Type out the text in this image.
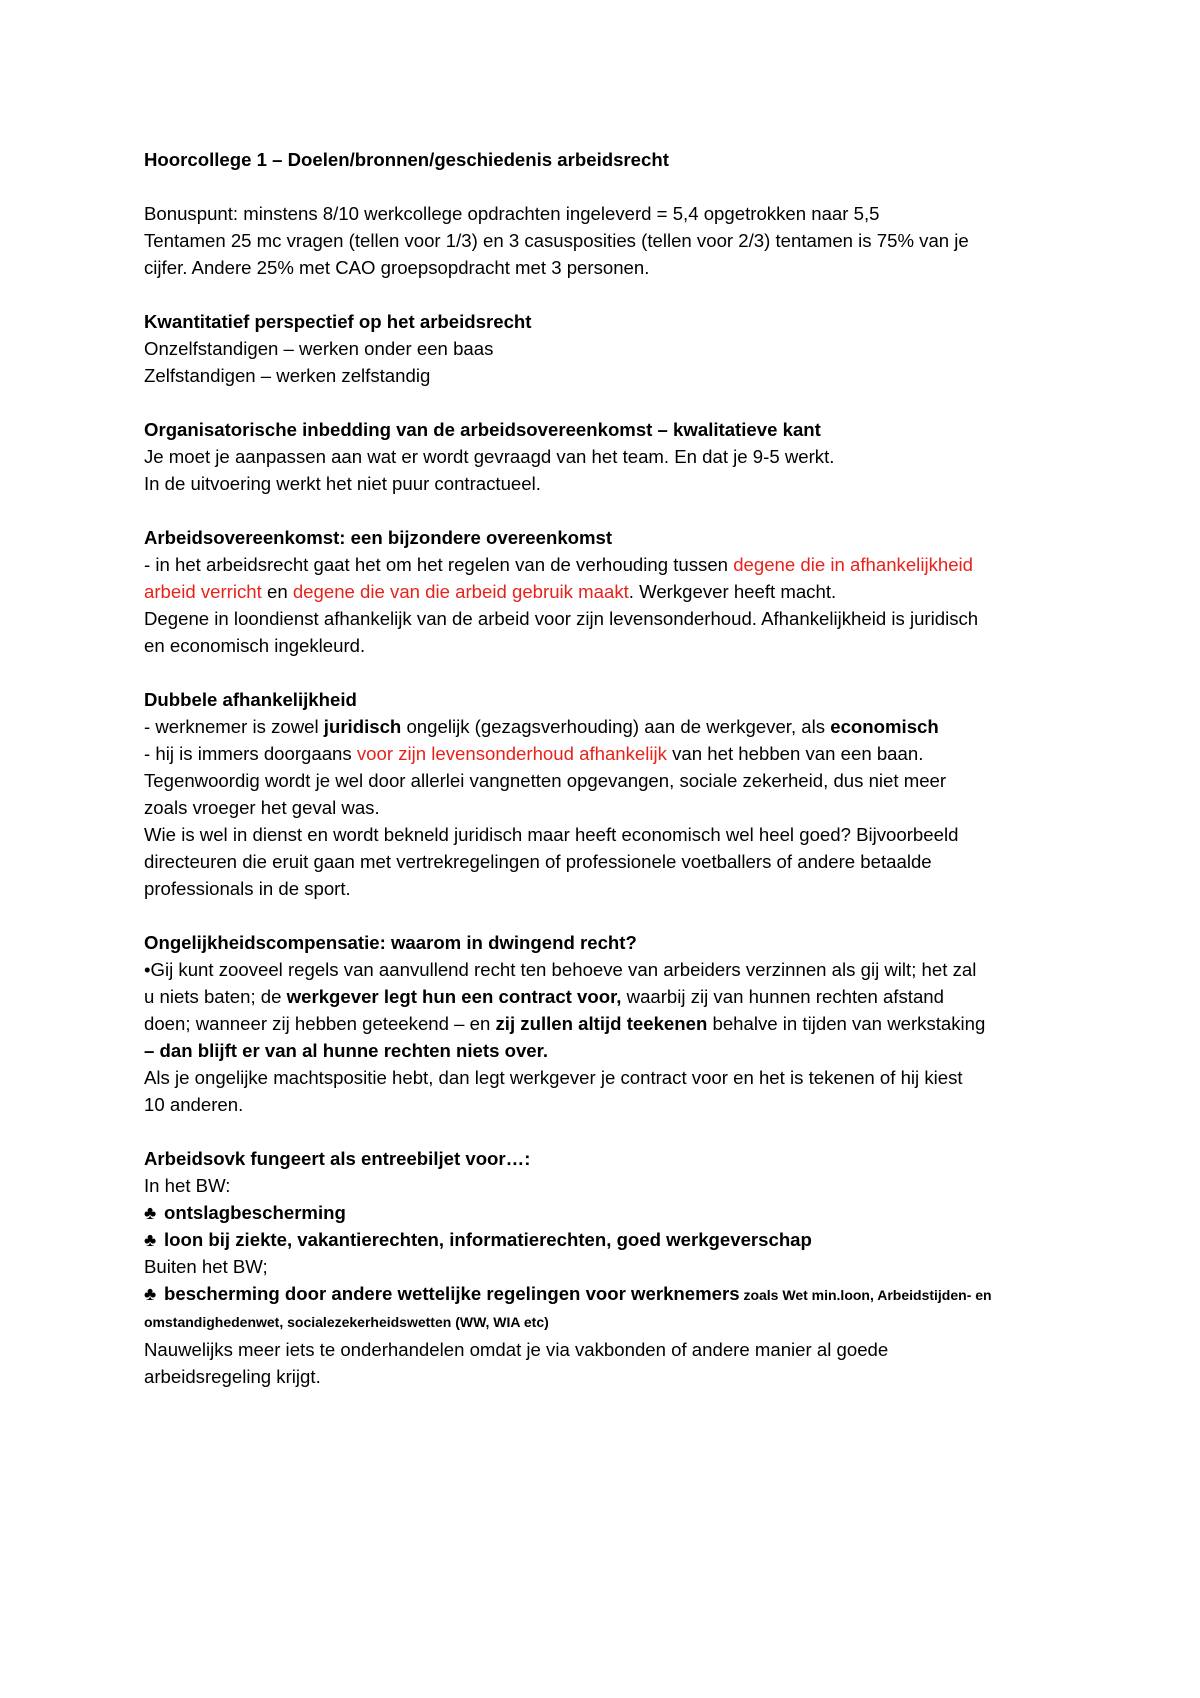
Hoorcollege 1 – Doelen/bronnen/geschiedenis arbeidsrecht
Bonuspunt: minstens 8/10 werkcollege opdrachten ingeleverd = 5,4 opgetrokken naar 5,5
Tentamen 25 mc vragen (tellen voor 1/3) en 3 casusposities (tellen voor 2/3) tentamen is 75% van je
cijfer. Andere 25% met CAO groepsopdracht met 3 personen.
Kwantitatief perspectief op het arbeidsrecht
Onzelfstandigen – werken onder een baas
Zelfstandigen – werken zelfstandig
Organisatorische inbedding van de arbeidsovereenkomst – kwalitatieve kant
Je moet je aanpassen aan wat er wordt gevraagd van het team. En dat je 9-5 werkt.
In de uitvoering werkt het niet puur contractueel.
Arbeidsovereenkomst: een bijzondere overeenkomst
- in het arbeidsrecht gaat het om het regelen van de verhouding tussen degene die in afhankelijkheid
arbeid verricht en degene die van die arbeid gebruik maakt. Werkgever heeft macht.
Degene in loondienst afhankelijk van de arbeid voor zijn levensonderhoud. Afhankelijkheid is juridisch
en economisch ingekleurd.
Dubbele afhankelijkheid
- werknemer is zowel juridisch ongelijk (gezagsverhouding) aan de werkgever, als economisch
- hij is immers doorgaans voor zijn levensonderhoud afhankelijk van het hebben van een baan.
Tegenwoordig wordt je wel door allerlei vangnetten opgevangen, sociale zekerheid, dus niet meer
zoals vroeger het geval was.
Wie is wel in dienst en wordt bekneld juridisch maar heeft economisch wel heel goed? Bijvoorbeeld
directeuren die eruit gaan met vertrekregelingen of professionele voetballers of andere betaalde
professionals in de sport.
Ongelijkheidscompensatie: waarom in dwingend recht?
•Gij kunt zooveel regels van aanvullend recht ten behoeve van arbeiders verzinnen als gij wilt; het zal
u niets baten; de werkgever legt hun een contract voor, waarbij zij van hunnen rechten afstand
doen; wanneer zij hebben geteekend – en zij zullen altijd teekenen behalve in tijden van werkstaking
– dan blijft er van al hunne rechten niets over.
Als je ongelijke machtspositie hebt, dan legt werkgever je contract voor en het is tekenen of hij kiest
10 anderen.
Arbeidsovk fungeert als entreebiljet voor…:
In het BW:
♣ ontslagbescherming
♣ loon bij ziekte, vakantierechten, informatierechten, goed werkgeverschap
Buiten het BW;
♣ bescherming door andere wettelijke regelingen voor werknemers zoals Wet min.loon, Arbeidstijden- en
omstandighedenwet, socialezekerheidswetten (WW, WIA etc)
Nauwelijks meer iets te onderhandelen omdat je via vakbonden of andere manier al goede
arbeidsregeling krijgt.
